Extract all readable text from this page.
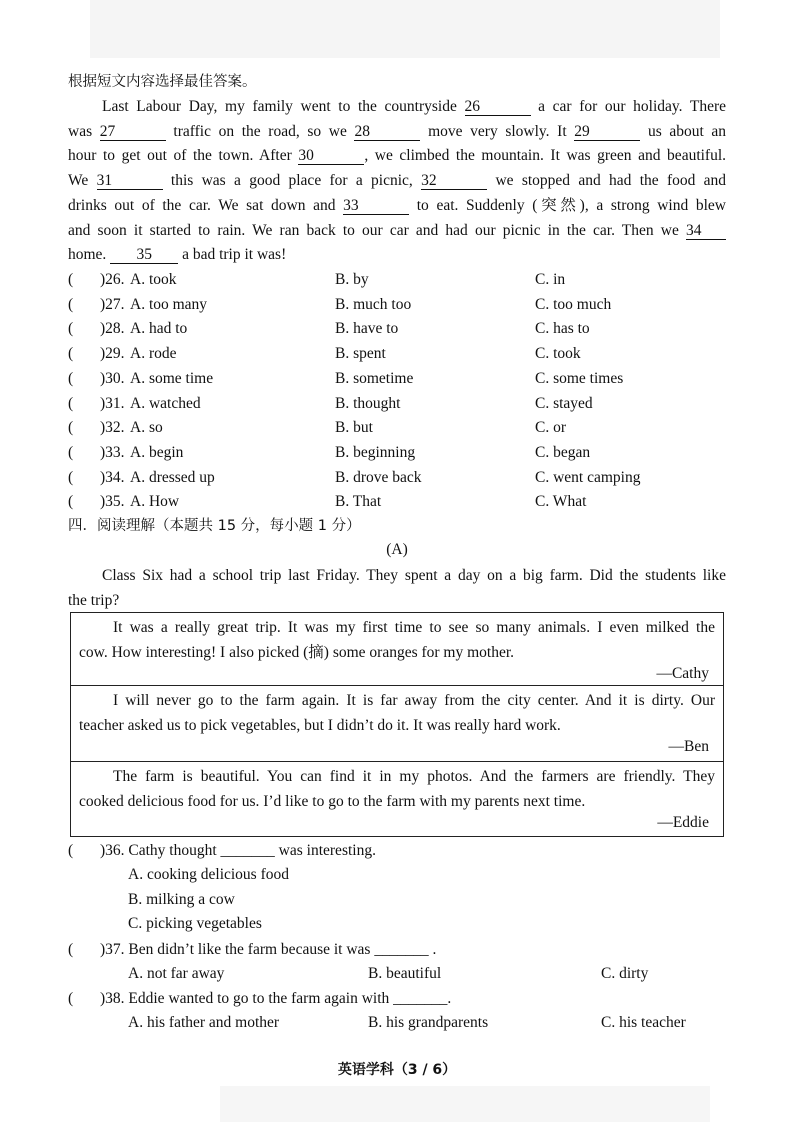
根据短文内容选择最佳答案。
Last Labour Day, my family went to the countryside 26	a car for our holiday. There
was 27	traffic on the road, so we 28	move very slowly. It 29	us about an
hour to get out of the town. After 30	, we climbed the mountain. It was green and beautiful.
We 31	this was a good place for a picnic, 32	we stopped and had the food and
drinks out of the car. We sat down and 33	to eat. Suddenly (突然), a strong wind blew
and soon it started to rain. We ran back to our car and had our picnic in the car. Then we 34
home. 35 a bad trip it was!
( )26. A. took	B. by	C. in
( )27. A. too many	B. much too	C. too much
( )28. A. had to	B. have to	C. has to
( )29. A. rode	B. spent	C. took
( )30. A. some time	B. sometime	C. some times
( )31. A. watched	B. thought	C. stayed
( )32. A. so	B. but	C. or
( )33. A. begin	B. beginning	C. began
( )34. A. dressed up	B. drove back	C. went camping
( )35. A. How	B. That	C. What
四．阅读理解（本题共 15 分，每小题 1 分）
(A)
Class Six had a school trip last Friday. They spent a day on a big farm. Did the students like
the trip?
It was a really great trip. It was my first time to see so many animals. I even milked the
cow. How interesting! I also picked (摘) some oranges for my mother.
—Cathy
I will never go to the farm again. It is far away from the city center. And it is dirty. Our
teacher asked us to pick vegetables, but I didn’t do it. It was really hard work.
—Ben
The farm is beautiful. You can find it in my photos. And the farmers are friendly. They
cooked delicious food for us. I’d like to go to the farm with my parents next time.
—Eddie
( )36. Cathy thought _______ was interesting.
A. cooking delicious food
B. milking a cow
C. picking vegetables
( )37. Ben didn’t like the farm because it was _______ .
A. not far away	B. beautiful	C. dirty
( )38. Eddie wanted to go to the farm again with _______.
A. his father and mother	B. his grandparents	C. his teacher
英语学科（3 / 6）
